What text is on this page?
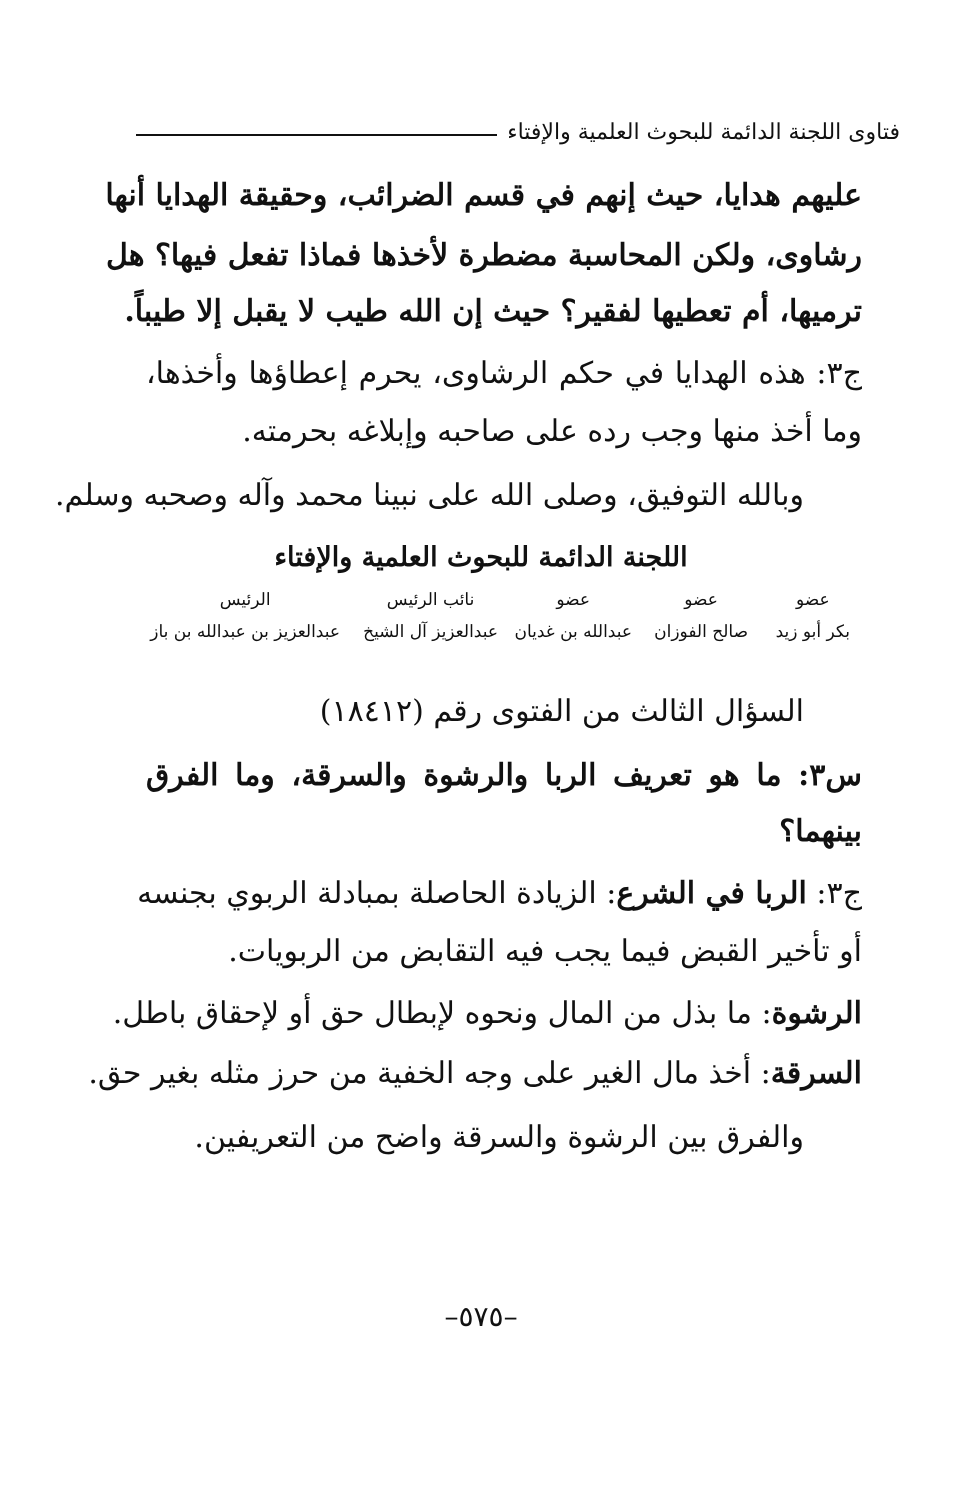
فتاوى اللجنة الدائمة للبحوث العلمية والإفتاء
عليهم هدايا، حيث إنهم في قسم الضرائب، وحقيقة الهدايا أنها
رشاوى، ولكن المحاسبة مضطرة لأخذها فماذا تفعل فيها؟ هل
ترميها، أم تعطيها لفقير؟ حيث إن الله طيب لا يقبل إلا طيباً.
ج٣: هذه الهدايا في حكم الرشاوى، يحرم إعطاؤها وأخذها،
وما أخذ منها وجب رده على صاحبه وإبلاغه بحرمته.
وبالله التوفيق، وصلى الله على نبينا محمد وآله وصحبه وسلم.
اللجنة الدائمة للبحوث العلمية والإفتاء
عضو
بكر أبو زيد
عضو
صالح الفوزان
عضو
عبدالله بن غديان
نائب الرئيس
عبدالعزيز آل الشيخ
الرئيس
عبدالعزيز بن عبدالله بن باز
السؤال الثالث من الفتوى رقم (١٨٤١٢)
س٣: ما هو تعريف الربا والرشوة والسرقة، وما الفرق
بينهما؟
ج٣: الربا في الشرع: الزيادة الحاصلة بمبادلة الربوي بجنسه
أو تأخير القبض فيما يجب فيه التقابض من الربويات.
الرشوة: ما بذل من المال ونحوه لإبطال حق أو لإحقاق باطل.
السرقة: أخذ مال الغير على وجه الخفية من حرز مثله بغير حق.
والفرق بين الرشوة والسرقة واضح من التعريفين.
– ٥٧٥ –
